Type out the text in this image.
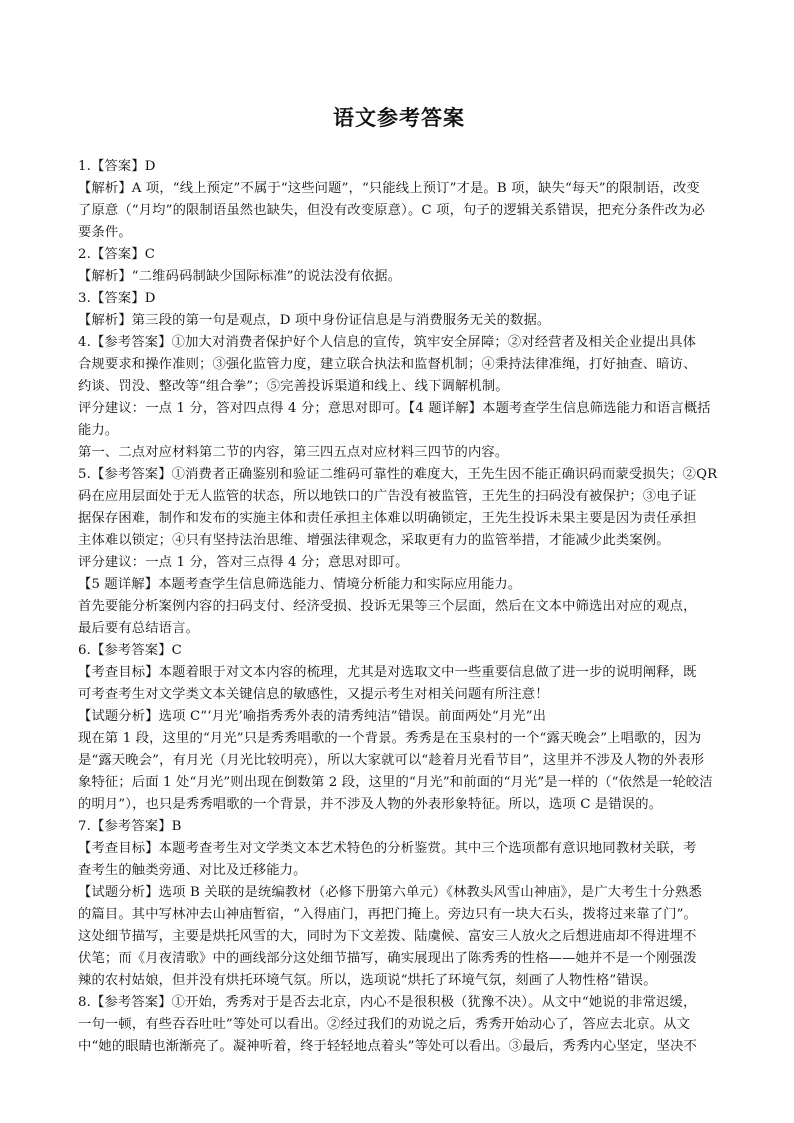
语文参考答案
1.【答案】D
【解析】A 项，“线上预定”不属于“这些问题”，“只能线上预订”才是。B 项，缺失“每天”的限制语，改变
了原意（“月均”的限制语虽然也缺失，但没有改变原意）。C 项，句子的逻辑关系错误，把充分条件改为必
要条件。
2.【答案】C
【解析】“二维码码制缺少国际标准”的说法没有依据。
3.【答案】D
【解析】第三段的第一句是观点，D 项中身份证信息是与消费服务无关的数据。
4.【参考答案】①加大对消费者保护好个人信息的宣传，筑牢安全屏障；②对经营者及相关企业提出具体
合规要求和操作准则；③强化监管力度，建立联合执法和监督机制；④秉持法律准绳，打好抽查、暗访、
约谈、罚没、整改等“组合拳”；⑤完善投诉渠道和线上、线下调解机制。
评分建议：一点 1 分，答对四点得 4 分；意思对即可。【4 题详解】本题考查学生信息筛选能力和语言概括
能力。
第一、二点对应材料第二节的内容，第三四五点对应材料三四节的内容。
5.【参考答案】①消费者正确鉴别和验证二维码可靠性的难度大，王先生因不能正确识码而蒙受损失；②QR
码在应用层面处于无人监管的状态，所以地铁口的广告没有被监管，王先生的扫码没有被保护；③电子证
据保存困难，制作和发布的实施主体和责任承担主体难以明确锁定，王先生投诉未果主要是因为责任承担
主体难以锁定；④只有坚持法治思维、增强法律观念，采取更有力的监管举措，才能减少此类案例。
评分建议：一点 1 分，答对三点得 4 分；意思对即可。
【5 题详解】本题考查学生信息筛选能力、情境分析能力和实际应用能力。
首先要能分析案例内容的扫码支付、经济受损、投诉无果等三个层面，然后在文本中筛选出对应的观点，
最后要有总结语言。
6.【参考答案】C
【考查目标】本题着眼于对文本内容的梳理，尤其是对选取文中一些重要信息做了进一步的说明阐释，既
可考查考生对文学类文本关键信息的敏感性，又提示考生对相关问题有所注意！
【试题分析】选项 C“‘月光’喻指秀秀外表的清秀纯洁”错误。前面两处“月光”出
现在第 1 段，这里的“月光”只是秀秀唱歌的一个背景。秀秀是在玉泉村的一个“露天晚会”上唱歌的，因为
是“露天晚会”，有月光（月光比较明亮），所以大家就可以“趁着月光看节目”，这里并不涉及人物的外表形
象特征；后面 1 处“月光”则出现在倒数第 2 段，这里的“月光”和前面的“月光”是一样的（“依然是一轮皎洁
的明月”），也只是秀秀唱歌的一个背景，并不涉及人物的外表形象特征。所以，选项 C 是错误的。
7.【参考答案】B
【考查目标】本题考查考生对文学类文本艺术特色的分析鉴赏。其中三个选项都有意识地同教材关联，考
查考生的触类旁通、对比及迁移能力。
【试题分析】选项 B 关联的是统编教材（必修下册第六单元）《林教头风雪山神庙》，是广大考生十分熟悉
的篇目。其中写林冲去山神庙暂宿，“入得庙门，再把门掩上。旁边只有一块大石头，拨将过来靠了门”。
这处细节描写，主要是烘托风雪的大，同时为下文差拨、陆虞候、富安三人放火之后想进庙却不得进埋不
伏笔；而《月夜清歌》中的画线部分这处细节描写，确实展现出了陈秀秀的性格——她并不是一个刚强泼
辣的农村姑娘，但并没有烘托环境气氛。所以，选项说“烘托了环境气氛，刻画了人物性格”错误。
8.【参考答案】①开始，秀秀对于是否去北京，内心不是很积极（犹豫不决）。从文中“她说的非常迟缓，
一句一顿，有些吞吞吐吐”等处可以看出。②经过我们的劝说之后，秀秀开始动心了，答应去北京。从文
中“她的眼睛也渐渐亮了。凝神听着，终于轻轻地点着头”等处可以看出。③最后，秀秀内心坚定，坚决不
